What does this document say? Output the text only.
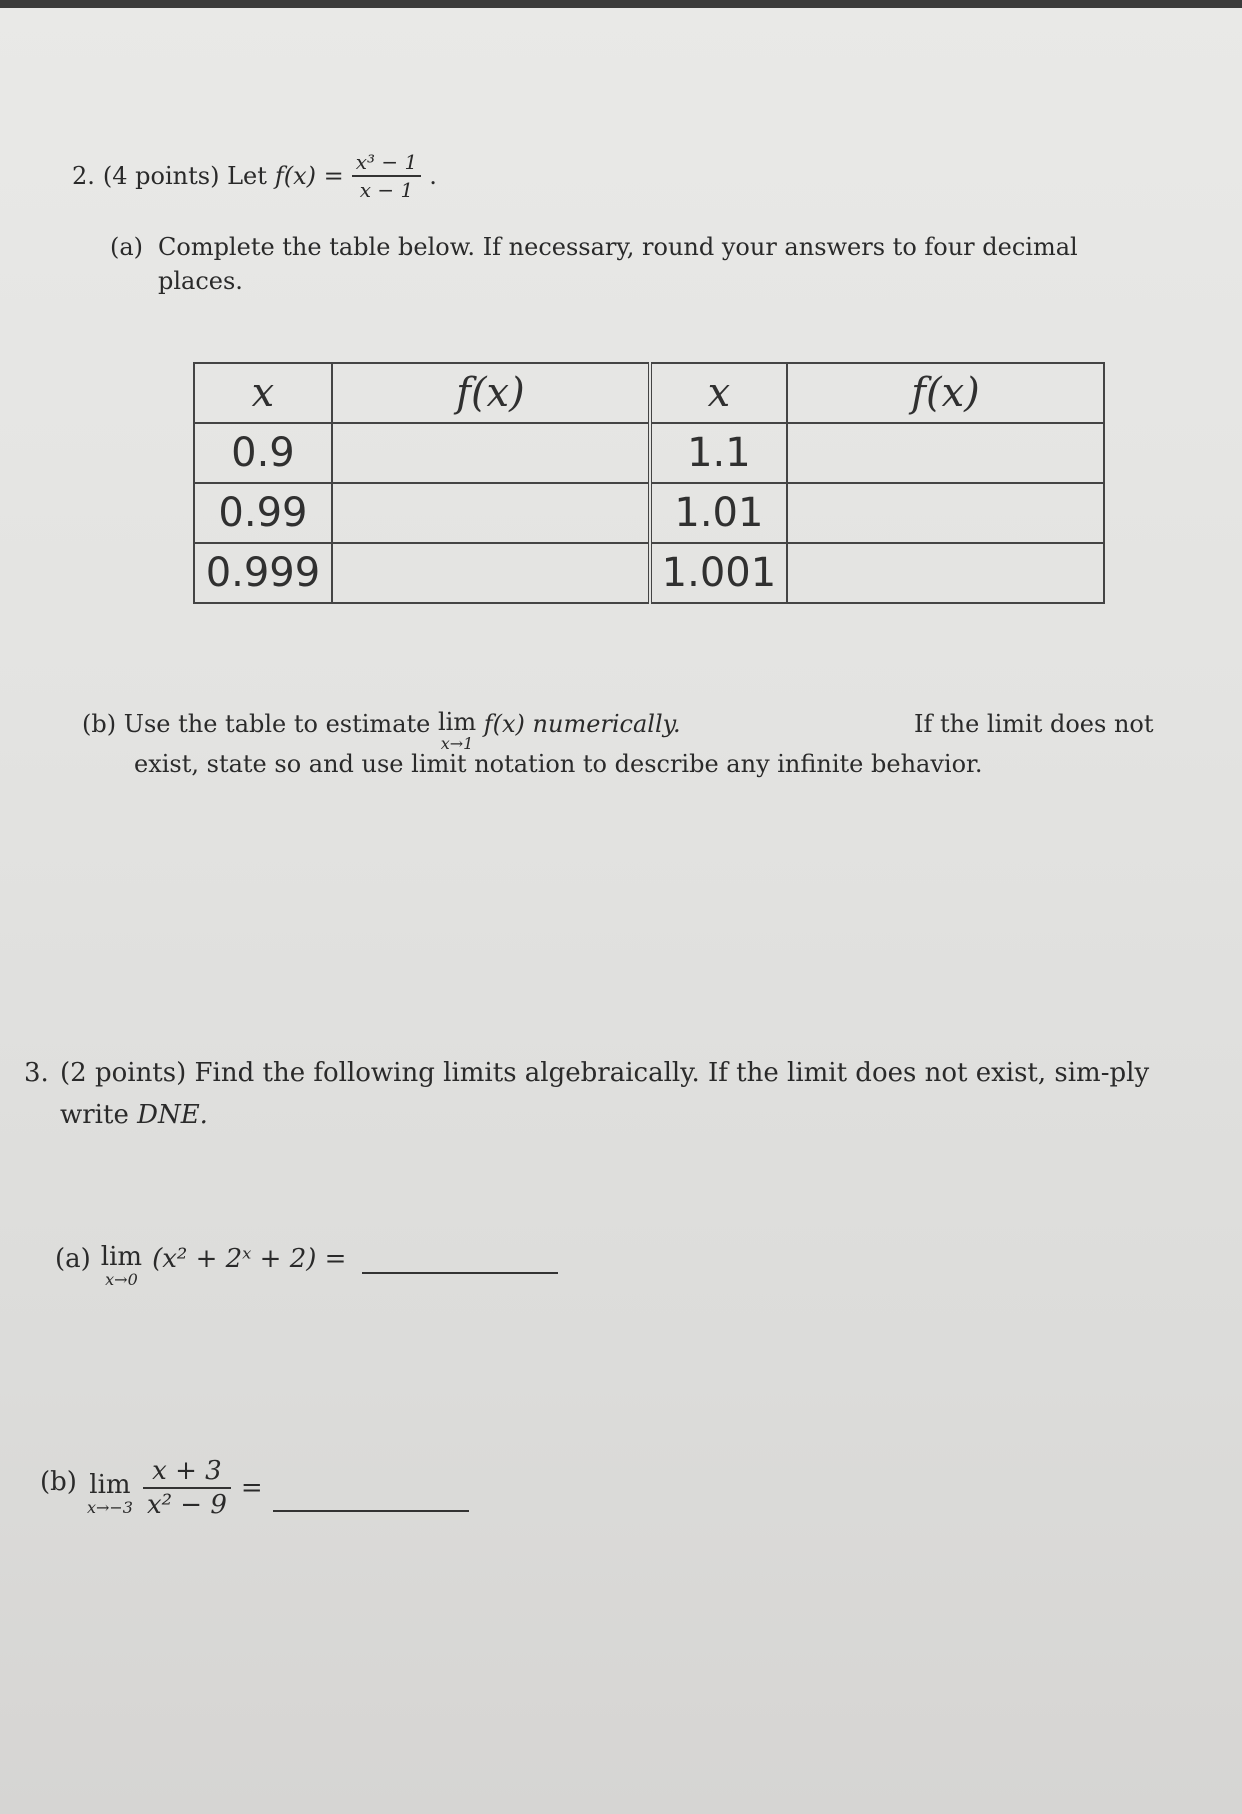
2. (4 points) Let $f(x) = \frac{\text{x³ − 1}}{x - 1}$ .
(a) Complete the table below. If necessary, round your answers to four decimal places.
x	f(x)	x	f(x)
0.9		1.1	
0.99		1.01	
0.999		1.001	
(b) Use the table to estimate lim
x→1
f(x) numerically.	If the limit does not exist, state so and use limit notation to describe any infinite behavior.
3. (2 points) Find the following limits algebraically. If the limit does not exist, sim-ply write DNE.
(a) lim
x→0
(x² + 2ˣ + 2) =
(b) lim
$x\to-3 \frac{x + 3}{\text{x² − 9}}$ =
